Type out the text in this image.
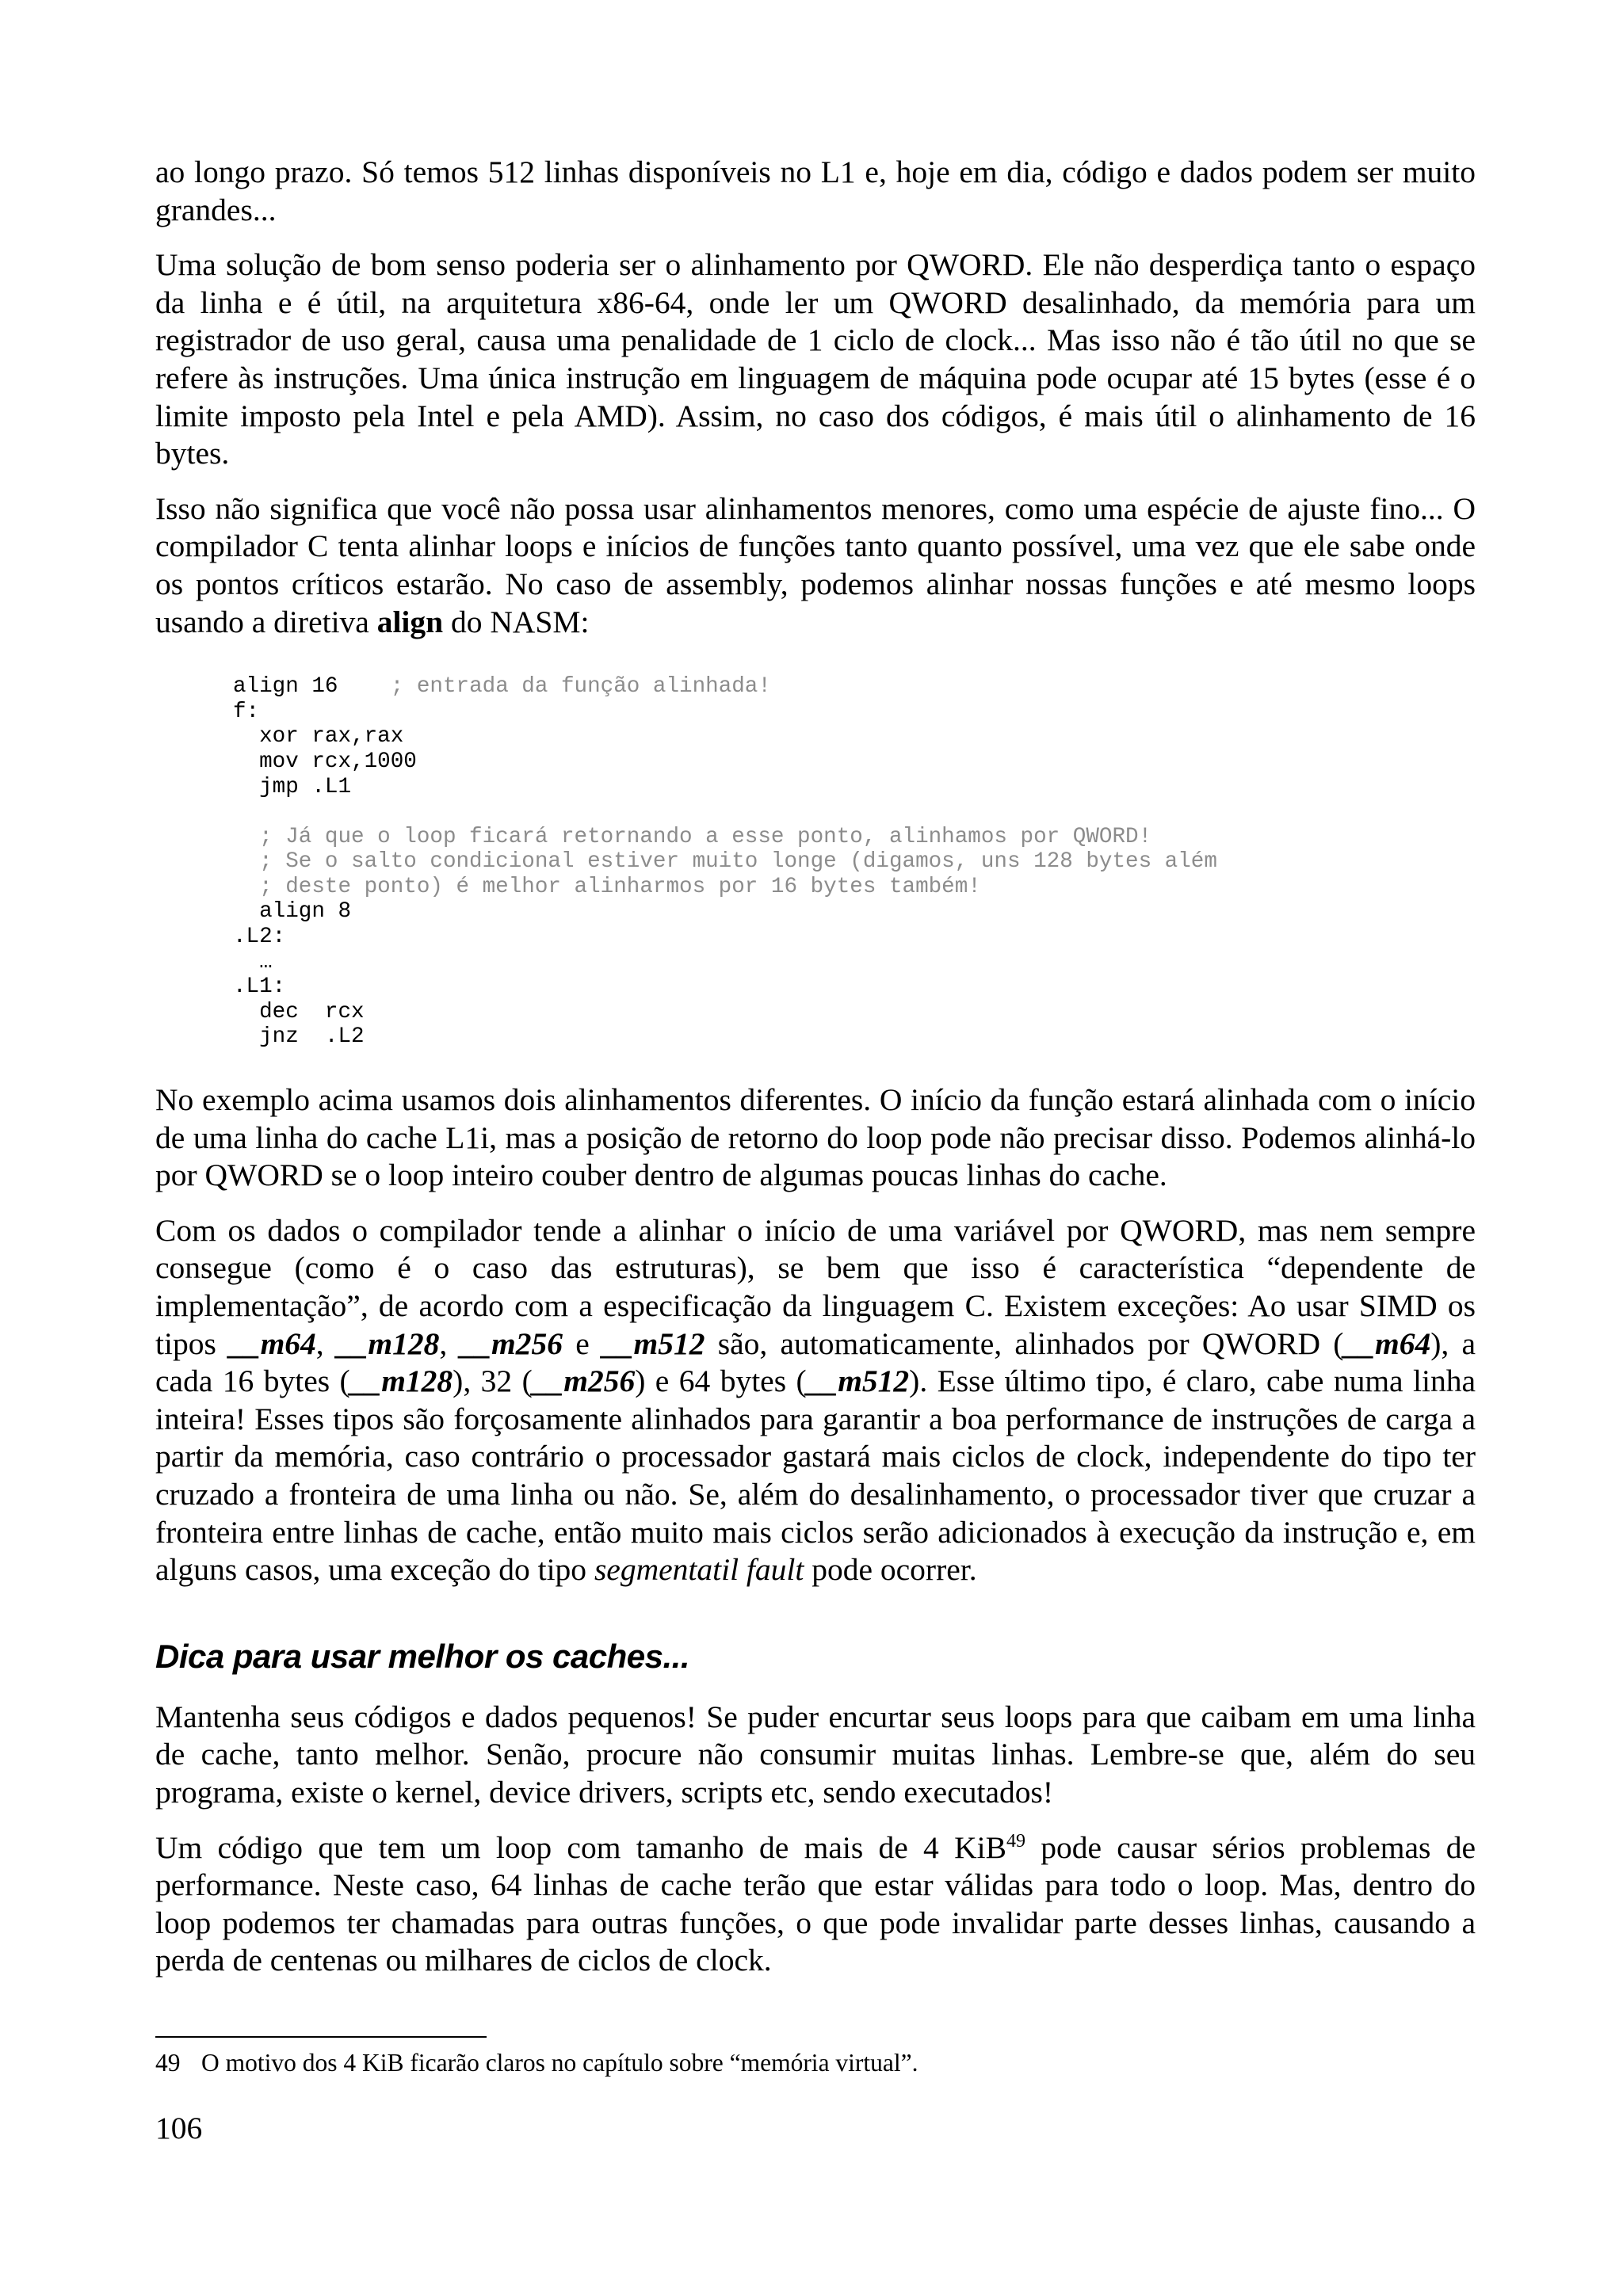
ao longo prazo. Só temos 512 linhas disponíveis no L1 e, hoje em dia, código e dados podem ser muito grandes...

Uma solução de bom senso poderia ser o alinhamento por QWORD. Ele não desperdiça tanto o espaço da linha e é útil, na arquitetura x86-64, onde ler um QWORD desalinhado, da memória para um registrador de uso geral, causa uma penalidade de 1 ciclo de clock... Mas isso não é tão útil no que se refere às instruções. Uma única instrução em linguagem de máquina pode ocupar até 15 bytes (esse é o limite imposto pela Intel e pela AMD). Assim, no caso dos códigos, é mais útil o alinhamento de 16 bytes.

Isso não significa que você não possa usar alinhamentos menores, como uma espécie de ajuste fino... O compilador C tenta alinhar loops e inícios de funções tanto quanto possível, uma vez que ele sabe onde os pontos críticos estarão. No caso de assembly, podemos alinhar nossas funções e até mesmo loops usando a diretiva align do NASM:

align 16    ; entrada da função alinhada!
f:
xor rax,rax
mov rcx,1000
jmp .L1
; Já que o loop ficará retornando a esse ponto, alinhamos por QWORD!
; Se o salto condicional estiver muito longe (digamos, uns 128 bytes além
; deste ponto) é melhor alinharmos por 16 bytes também!
align 8
.L2:
…
.L1:
dec  rcx
jnz  .L2

No exemplo acima usamos dois alinhamentos diferentes. O início da função estará alinhada com o início de uma linha do cache L1i, mas a posição de retorno do loop pode não precisar disso. Podemos alinhá-lo por QWORD se o loop inteiro couber dentro de algumas poucas linhas do cache.

Com os dados o compilador tende a alinhar o início de uma variável por QWORD, mas nem sempre consegue (como é o caso das estruturas), se bem que isso é característica “dependente de implementação”, de acordo com a especificação da linguagem C. Existem exceções: Ao usar SIMD os tipos __m64, __m128, __m256 e __m512 são, automaticamente, alinhados por QWORD (__m64), a cada 16 bytes (__m128), 32 (__m256) e 64 bytes (__m512). Esse último tipo, é claro, cabe numa linha inteira! Esses tipos são forçosamente alinhados para garantir a boa performance de instruções de carga a partir da memória, caso contrário o processador gastará mais ciclos de clock, independente do tipo ter cruzado a fronteira de uma linha ou não. Se, além do desalinhamento, o processador tiver que cruzar a fronteira entre linhas de cache, então muito mais ciclos serão adicionados à execução da instrução e, em alguns casos, uma exceção do tipo segmentatil fault pode ocorrer.

Dica para usar melhor os caches...

Mantenha seus códigos e dados pequenos! Se puder encurtar seus loops para que caibam em uma linha de cache, tanto melhor. Senão, procure não consumir muitas linhas. Lembre-se que, além do seu programa, existe o kernel, device drivers, scripts etc, sendo executados!

Um código que tem um loop com tamanho de mais de 4 KiB$^{49}$ pode causar sérios problemas de performance. Neste caso, 64 linhas de cache terão que estar válidas para todo o loop. Mas, dentro do loop podemos ter chamadas para outras funções, o que pode invalidar parte desses linhas, causando a perda de centenas ou milhares de ciclos de clock.

49 O motivo dos 4 KiB ficarão claros no capítulo sobre “memória virtual”.
106
